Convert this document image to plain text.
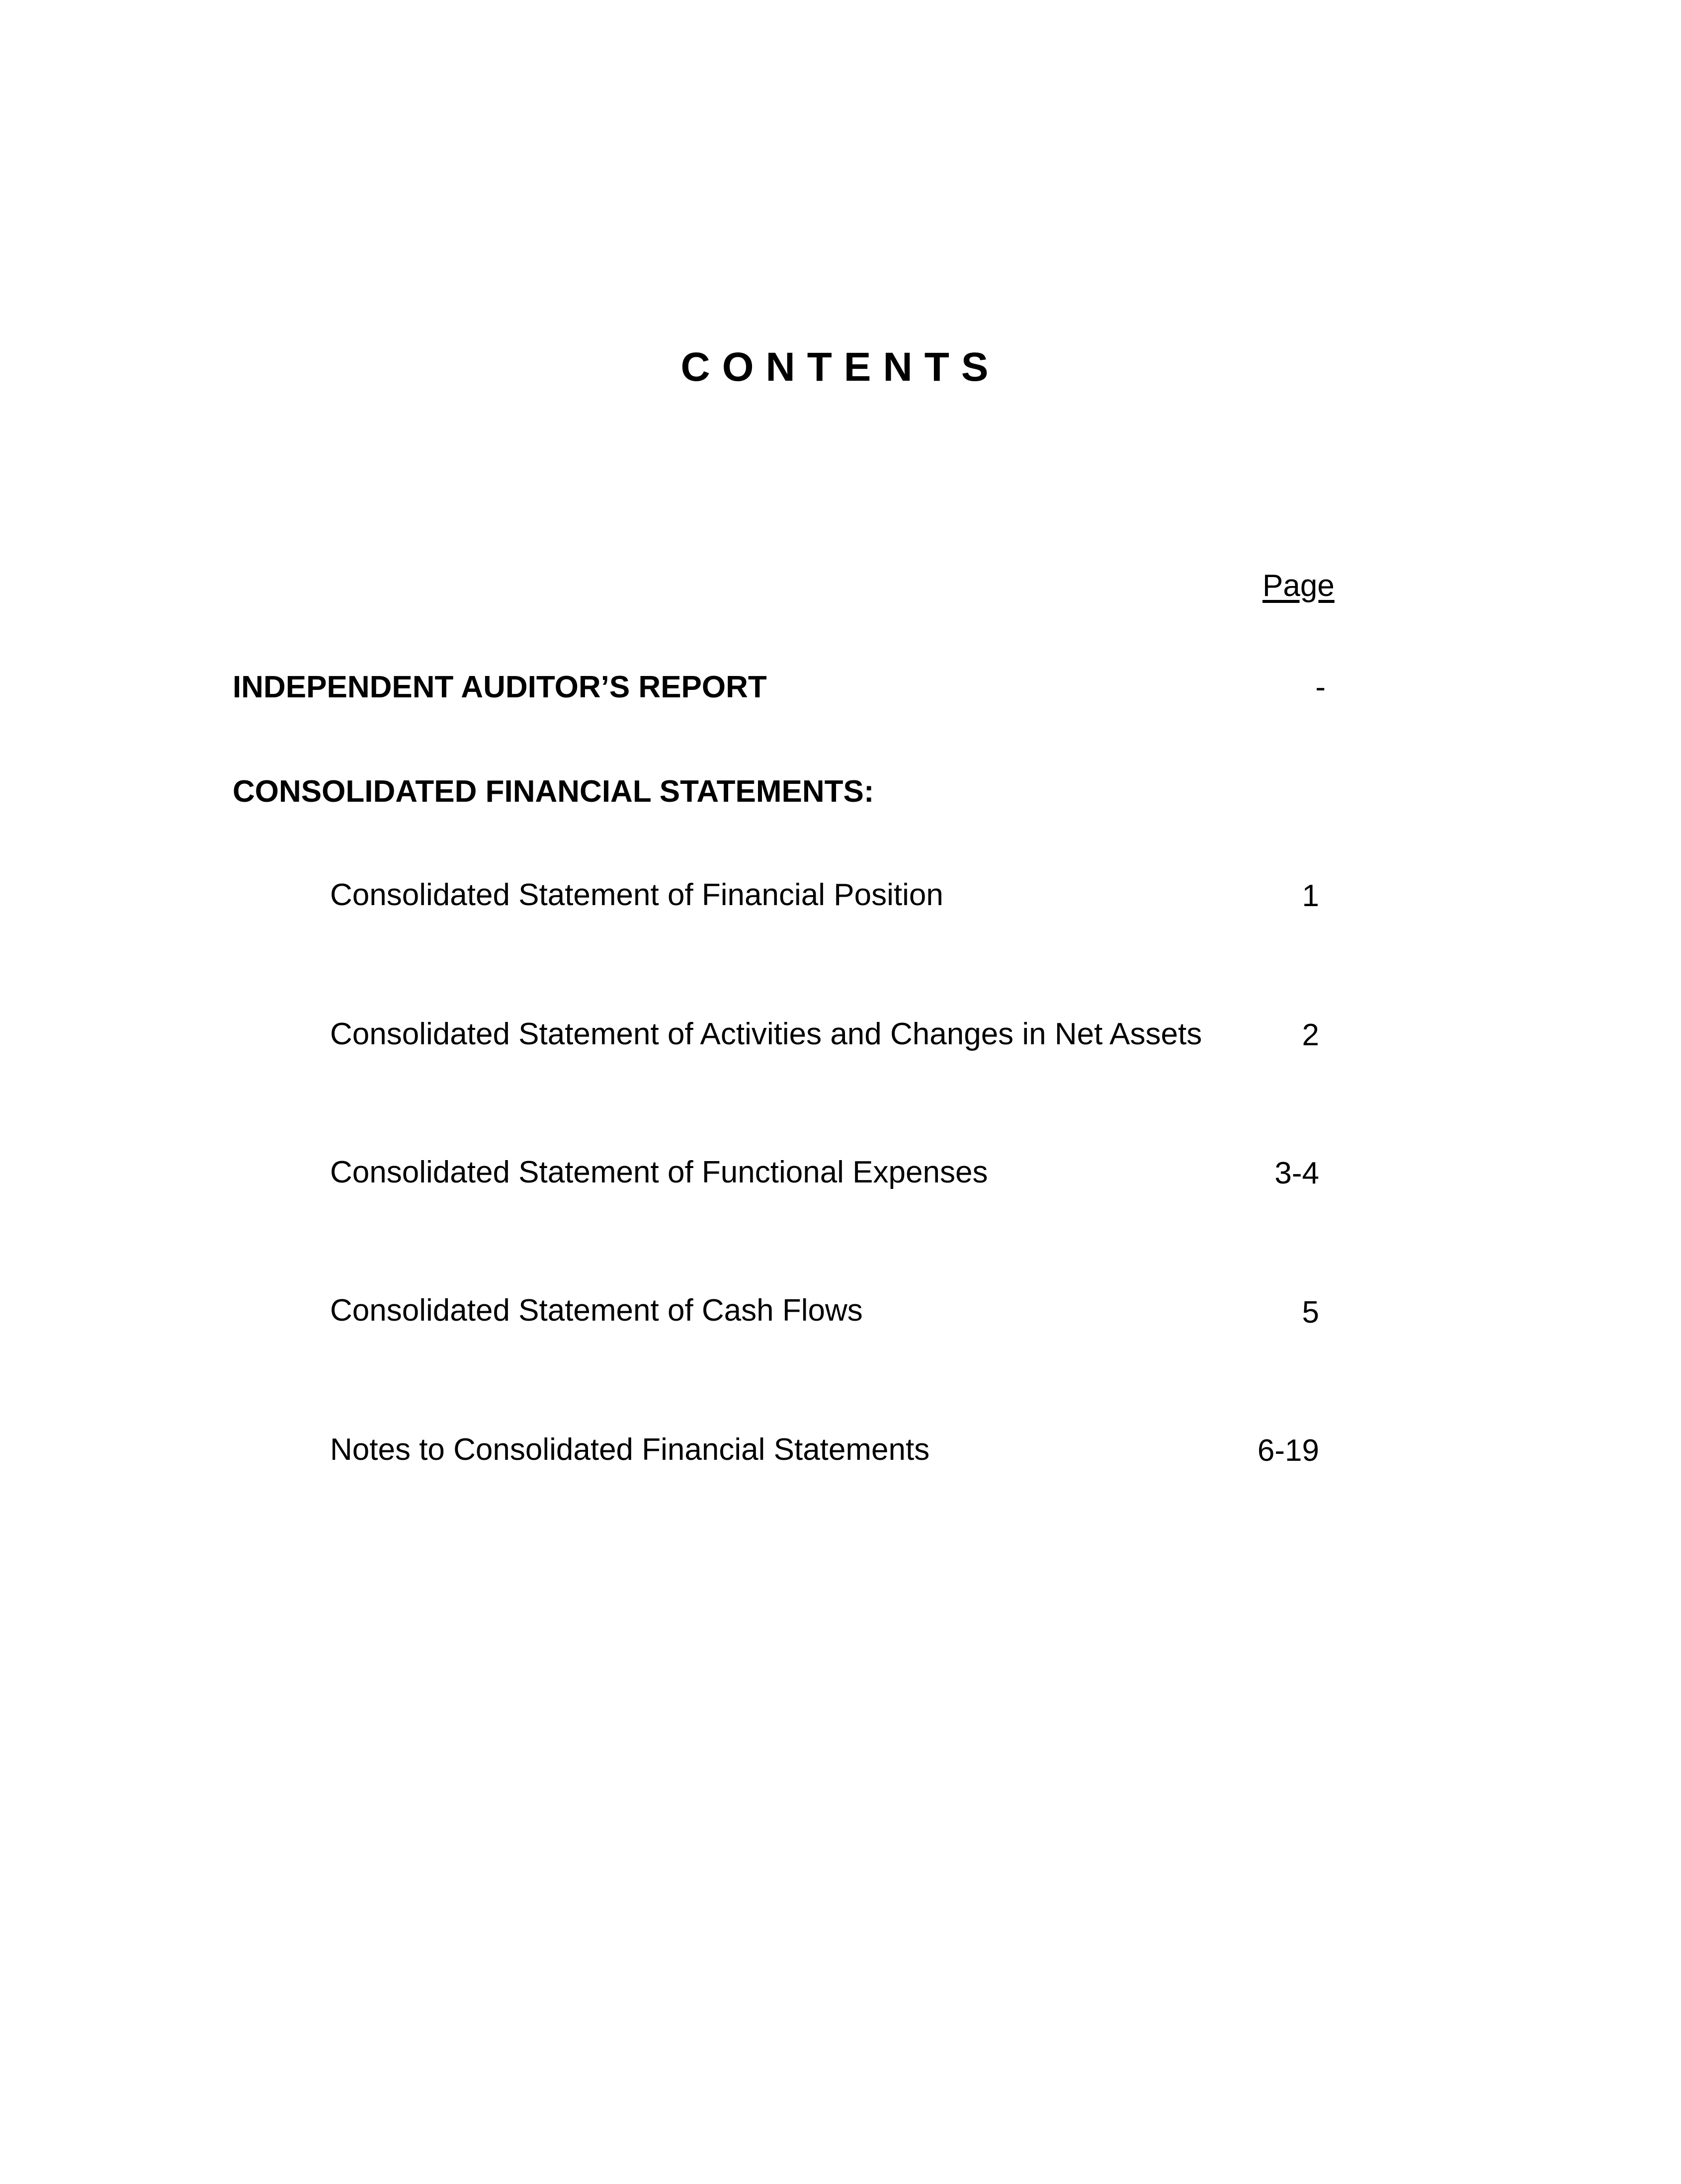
CONTENTS
Page
INDEPENDENT AUDITOR’S REPORT	-
CONSOLIDATED FINANCIAL STATEMENTS:
Consolidated Statement of Financial Position	1
Consolidated Statement of Activities and Changes in Net Assets	2
Consolidated Statement of Functional Expenses	3-4
Consolidated Statement of Cash Flows	5
Notes to Consolidated Financial Statements	6-19
